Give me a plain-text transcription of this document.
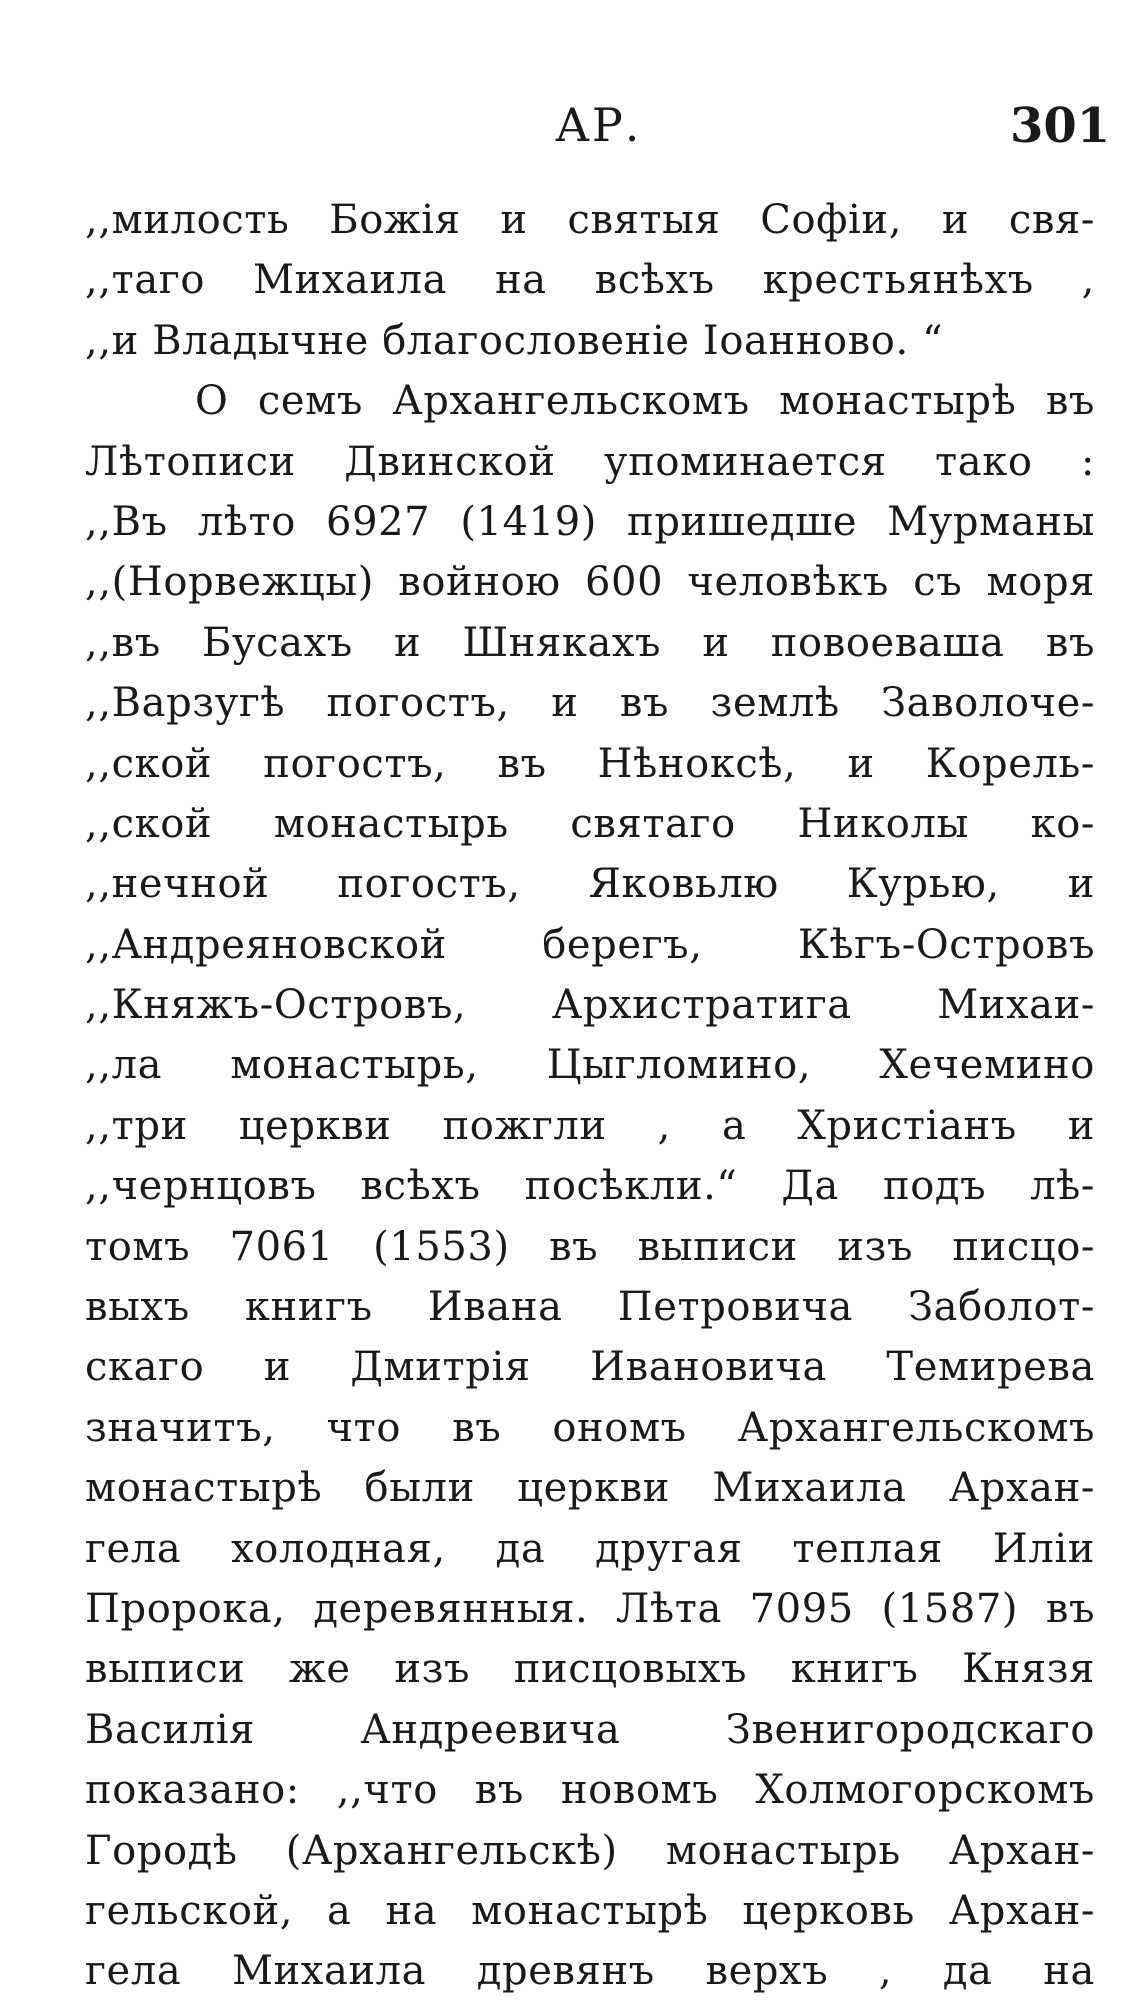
АР.	301
,,милость Божія и святыя Софіи, и свя-
,,таго Михаила на всѣхъ крестьянѣхъ ,
,,и Владычне благословеніе Іоанново. “
О семъ Архангельскомъ монастырѣ въ
Лѣтописи Двинской упоминается тако :
,,Въ лѣто 6927 (1419) пришедше Мурманы
,,(Норвежцы) войною 600 человѣкъ съ моря
,,въ Бусахъ и Шнякахъ и повоеваша въ
,,Варзугѣ погостъ, и въ землѣ Заволоче-
,,ской погостъ, въ Нѣноксѣ, и Корель-
,,ской монастырь святаго Николы ко-
,,нечной погостъ, Яковьлю Курью, и
,,Андреяновской берегъ, Кѣгъ-Островъ
,,Княжъ-Островъ, Архистратига Михаи-
,,ла монастырь, Цыгломино, Хечемино
,,три церкви пожгли , а Христіанъ и
,,чернцовъ всѣхъ посѣкли.“ Да подъ лѣ-
томъ 7061 (1553) въ выписи изъ писцо-
выхъ книгъ Ивана Петровича Заболот-
скаго и Дмитрія Ивановича Темирева
значитъ, что въ ономъ Архангельскомъ
монастырѣ были церкви Михаила Архан-
гела холодная, да другая теплая Иліи
Пророка, деревянныя. Лѣта 7095 (1587) въ
выписи же изъ писцовыхъ книгъ Князя
Василія Андреевича Звенигородскаго
показано: ,,что въ новомъ Холмогорскомъ
Городѣ (Архангельскѣ) монастырь Архан-
гельской, а на монастырѣ церковь Архан-
гела Михаила древянъ верхъ , да на
